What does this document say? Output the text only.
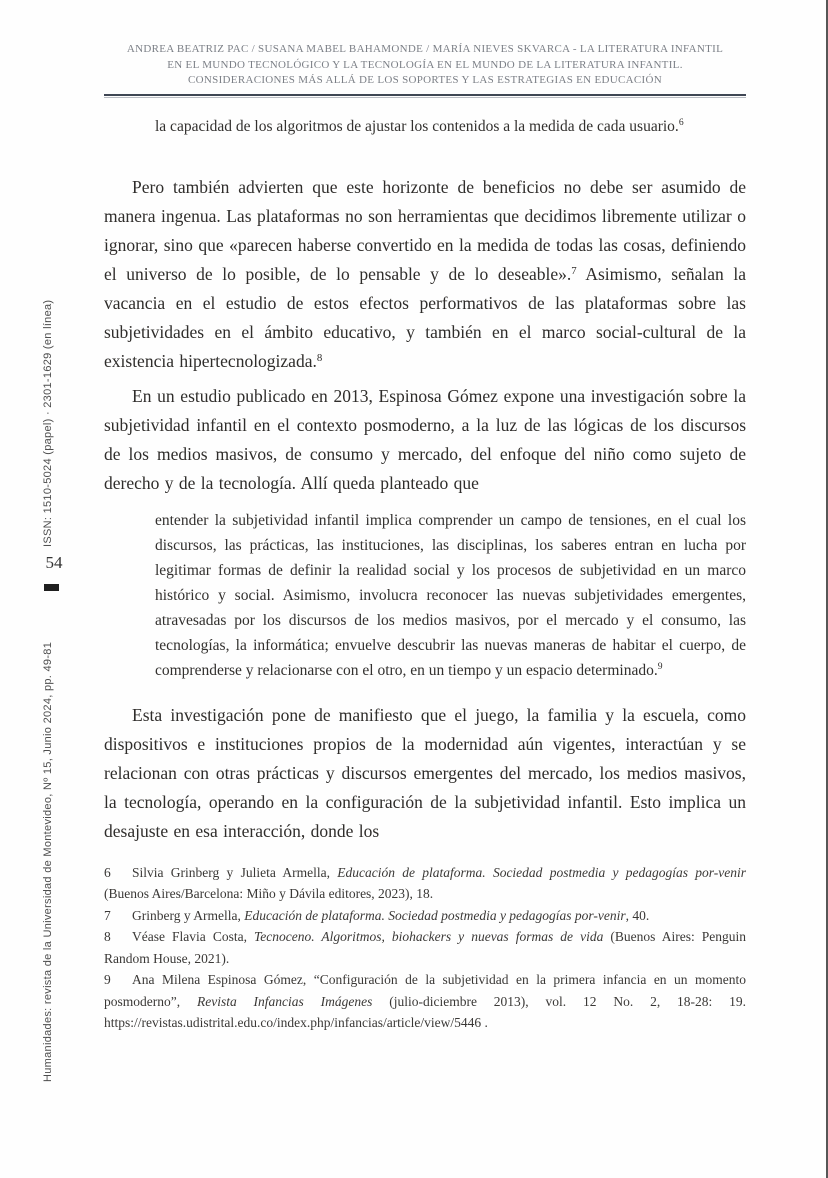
ISSN: 1510-5024 (papel) · 2301-1629 (en línea)
54
Humanidades: revista de la Universidad de Montevideo, Nº 15, Junio 2024, pp. 49-81
ANDREA BEATRIZ PAC / SUSANA MABEL BAHAMONDE / MARÍA NIEVES SKVARCA - LA LITERATURA INFANTIL
EN EL MUNDO TECNOLÓGICO Y LA TECNOLOGÍA EN EL MUNDO DE LA LITERATURA INFANTIL.
CONSIDERACIONES MÁS ALLÁ DE LOS SOPORTES Y LAS ESTRATEGIAS EN EDUCACIÓN
la capacidad de los algoritmos de ajustar los contenidos a la medida de cada usuario.$^6$

Pero también advierten que este horizonte de beneficios no debe ser asumido de manera ingenua. Las plataformas no son herramientas que decidimos libremente utilizar o ignorar, sino que «parecen haberse convertido en la medida de todas las cosas, definiendo el universo de lo posible, de lo pensable y de lo deseable».$^7$ Asimismo, señalan la vacancia en el estudio de estos efectos performativos de las plataformas sobre las subjetividades en el ámbito educativo, y también en el marco social-cultural de la existencia hipertecnologizada.$^8$

En un estudio publicado en 2013, Espinosa Gómez expone una investigación sobre la subjetividad infantil en el contexto posmoderno, a la luz de las lógicas de los discursos de los medios masivos, de consumo y mercado, del enfoque del niño como sujeto de derecho y de la tecnología. Allí queda planteado que

entender la subjetividad infantil implica comprender un campo de tensiones, en el cual los discursos, las prácticas, las instituciones, las disciplinas, los saberes entran en lucha por legitimar formas de definir la realidad social y los procesos de subjetividad en un marco histórico y social. Asimismo, involucra reconocer las nuevas subjetividades emergentes, atravesadas por los discursos de los medios masivos, por el mercado y el consumo, las tecnologías, la informática; envuelve descubrir las nuevas maneras de habitar el cuerpo, de comprenderse y relacionarse con el otro, en un tiempo y un espacio determinado.$^9$

Esta investigación pone de manifiesto que el juego, la familia y la escuela, como dispositivos e instituciones propios de la modernidad aún vigentes, interactúan y se relacionan con otras prácticas y discursos emergentes del mercado, los medios masivos, la tecnología, operando en la configuración de la subjetividad infantil. Esto implica un desajuste en esa interacción, donde los

6 Silvia Grinberg y Julieta Armella, Educación de plataforma. Sociedad postmedia y pedagogías por-venir (Buenos Aires/Barcelona: Miño y Dávila editores, 2023), 18.
7 Grinberg y Armella, Educación de plataforma. Sociedad postmedia y pedagogías por-venir, 40.
8 Véase Flavia Costa, Tecnoceno. Algoritmos, biohackers y nuevas formas de vida (Buenos Aires: Penguin Random House, 2021).
9 Ana Milena Espinosa Gómez, “Configuración de la subjetividad en la primera infancia en un momento posmoderno”, Revista Infancias Imágenes (julio-diciembre 2013), vol. 12 No. 2, 18-28: 19. https://revistas.udistrital.edu.co/index.php/infancias/article/view/5446 .
